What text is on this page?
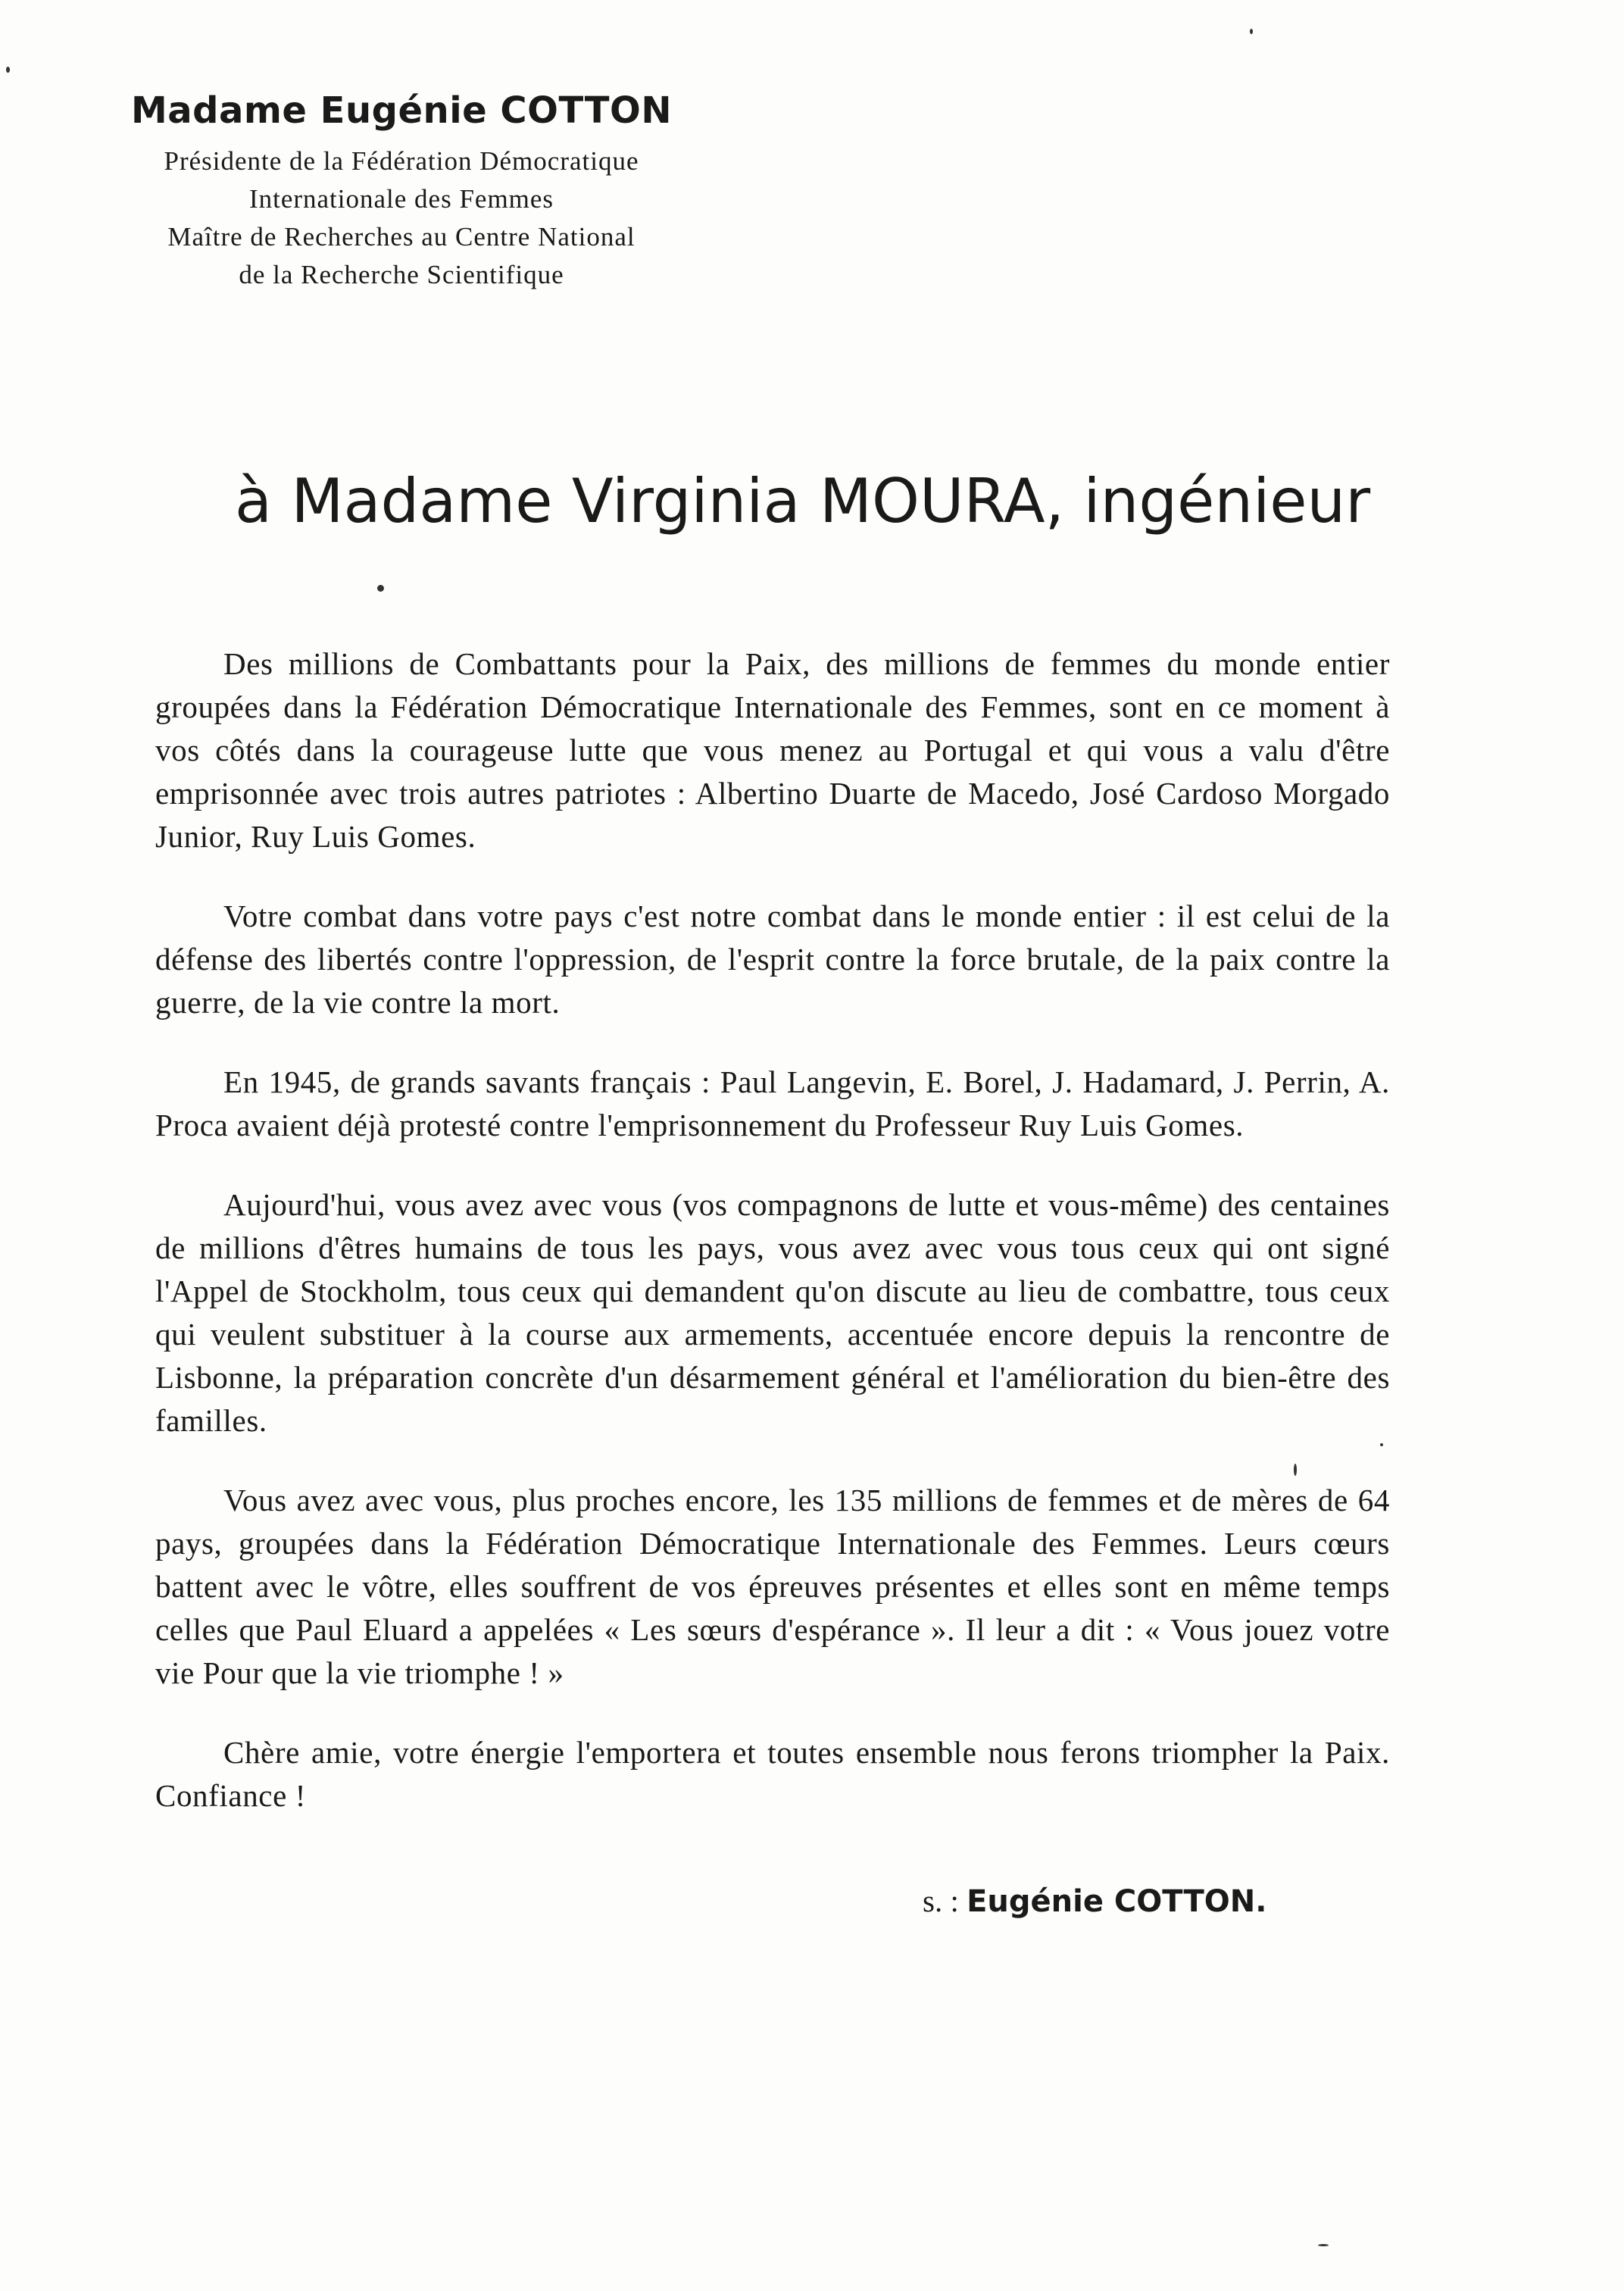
Madame Eugénie COTTON

Présidente de la Fédération Démocratique

Internationale des Femmes

Maître de Recherches au Centre National

de la Recherche Scientifique

à Madame Virginia MOURA, ingénieur

Des millions de Combattants pour la Paix, des millions de femmes du monde entier groupées dans la Fédération Démocratique Internationale des Femmes, sont en ce moment à vos côtés dans la courageuse lutte que vous menez au Portugal et qui vous a valu d'être emprisonnée avec trois autres patriotes : Albertino Duarte de Macedo, José Cardoso Morgado Junior, Ruy Luis Gomes.

Votre combat dans votre pays c'est notre combat dans le monde entier : il est celui de la défense des libertés contre l'oppression, de l'esprit contre la force brutale, de la paix contre la guerre, de la vie contre la mort.

En 1945, de grands savants français : Paul Langevin, E. Borel, J. Hadamard, J. Perrin, A. Proca avaient déjà protesté contre l'emprisonnement du Professeur Ruy Luis Gomes.

Aujourd'hui, vous avez avec vous (vos compagnons de lutte et vous-même) des centaines de millions d'êtres humains de tous les pays, vous avez avec vous tous ceux qui ont signé l'Appel de Stockholm, tous ceux qui demandent qu'on discute au lieu de combattre, tous ceux qui veulent substituer à la course aux armements, accentuée encore depuis la rencontre de Lisbonne, la préparation concrète d'un désarmement général et l'amélioration du bien-être des familles.

Vous avez avec vous, plus proches encore, les 135 millions de femmes et de mères de 64 pays, groupées dans la Fédération Démocratique Internationale des Femmes. Leurs cœurs battent avec le vôtre, elles souffrent de vos épreuves présentes et elles sont en même temps celles que Paul Eluard a appelées « Les sœurs d'espérance ». Il leur a dit : « Vous jouez votre vie Pour que la vie triomphe ! »

Chère amie, votre énergie l'emportera et toutes ensemble nous ferons triompher la Paix. Confiance !

s. : Eugénie COTTON.
